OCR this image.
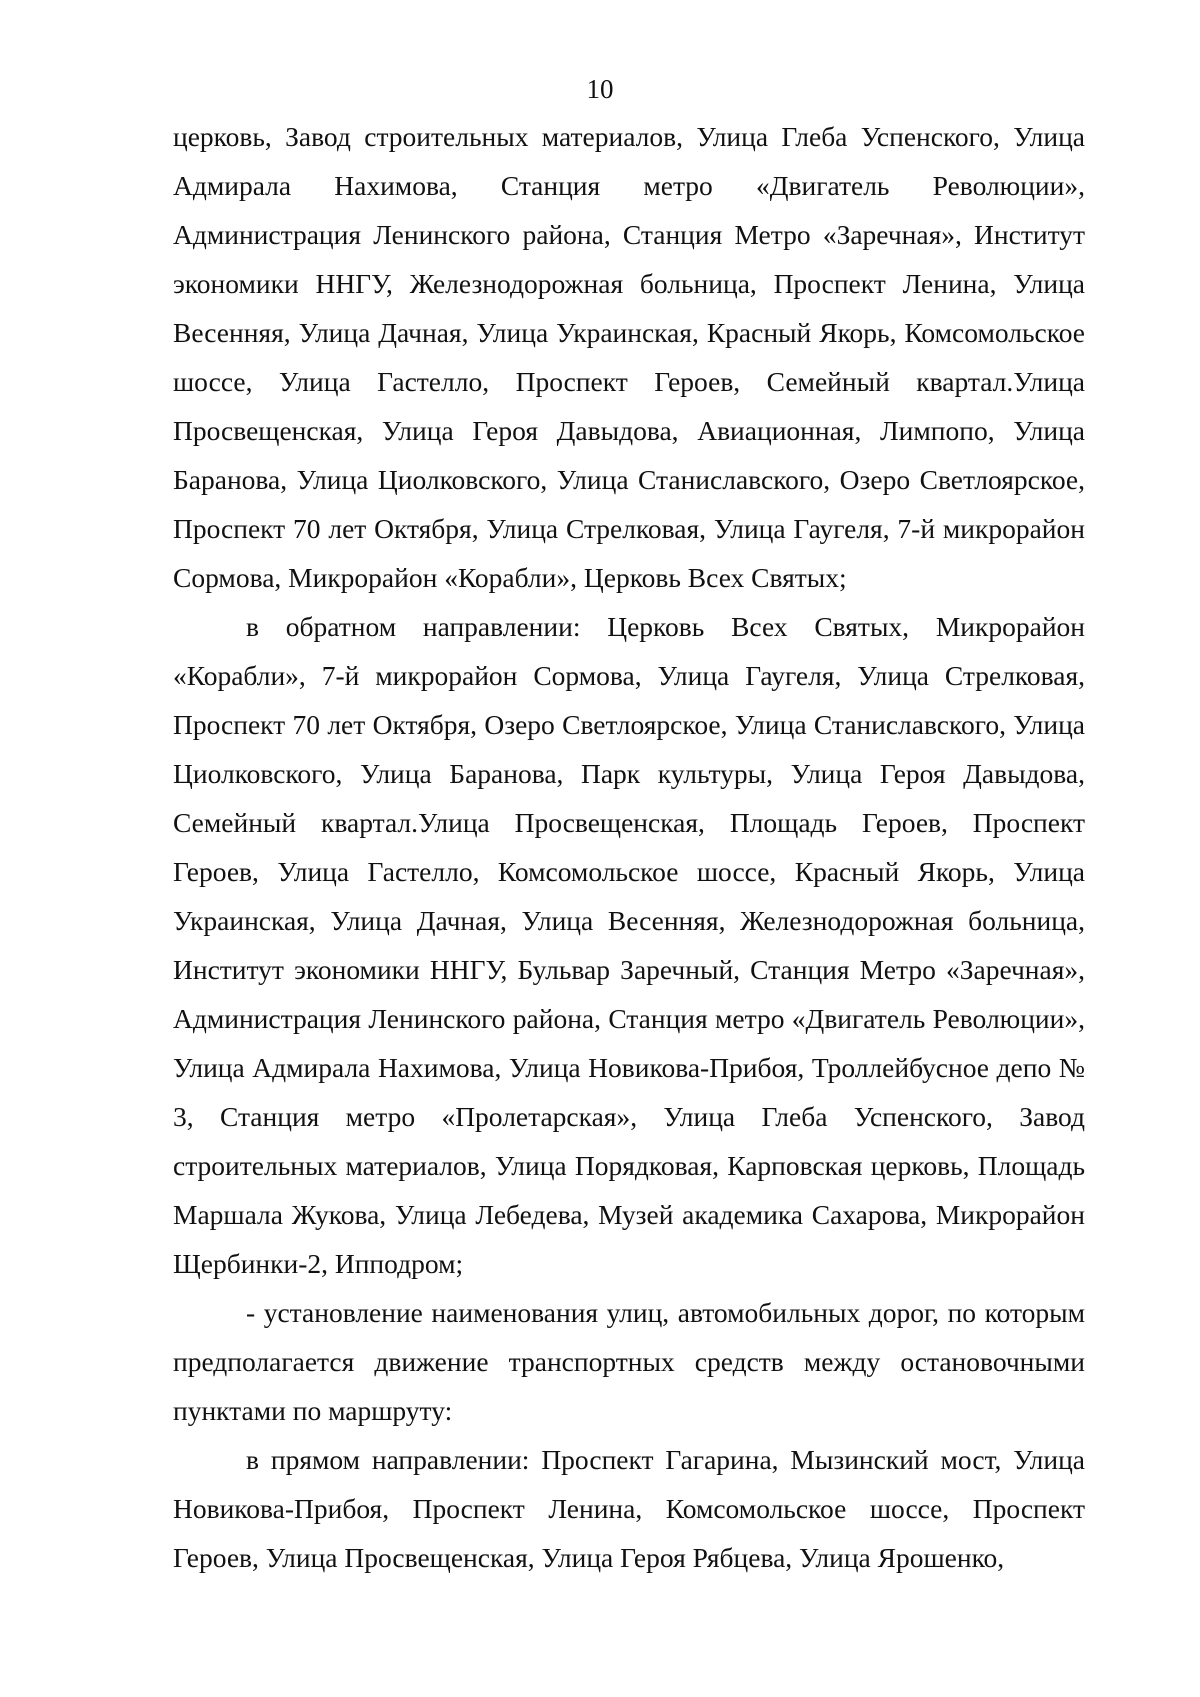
10

церковь, Завод строительных материалов, Улица Глеба Успенского, Улица Адмирала Нахимова, Станция метро «Двигатель Революции», Администрация Ленинского района, Станция Метро «Заречная», Институт экономики ННГУ, Железнодорожная больница, Проспект Ленина, Улица Весенняя, Улица Дачная, Улица Украинская, Красный Якорь, Комсомольское шоссе, Улица Гастелло, Проспект Героев, Семейный квартал.Улица Просвещенская, Улица Героя Давыдова, Авиационная, Лимпопо, Улица Баранова, Улица Циолковского, Улица Станиславского, Озеро Светлоярское, Проспект 70 лет Октября, Улица Стрелковая, Улица Гаугеля, 7-й микрорайон Сормова, Микрорайон «Корабли», Церковь Всех Святых;

в обратном направлении: Церковь Всех Святых, Микрорайон «Корабли», 7-й микрорайон Сормова, Улица Гаугеля, Улица Стрелковая, Проспект 70 лет Октября, Озеро Светлоярское, Улица Станиславского, Улица Циолковского, Улица Баранова, Парк культуры, Улица Героя Давыдова, Семейный квартал.Улица Просвещенская, Площадь Героев, Проспект Героев, Улица Гастелло, Комсомольское шоссе, Красный Якорь, Улица Украинская, Улица Дачная, Улица Весенняя, Железнодорожная больница, Институт экономики ННГУ, Бульвар Заречный, Станция Метро «Заречная», Администрация Ленинского района, Станция метро «Двигатель Революции», Улица Адмирала Нахимова, Улица Новикова-Прибоя, Троллейбусное депо № 3, Станция метро «Пролетарская», Улица Глеба Успенского, Завод строительных материалов, Улица Порядковая, Карповская церковь, Площадь Маршала Жукова, Улица Лебедева, Музей академика Сахарова, Микрорайон Щербинки-2, Ипподром;

- установление наименования улиц, автомобильных дорог, по которым предполагается движение транспортных средств между остановочными пунктами по маршруту:

в прямом направлении: Проспект Гагарина, Мызинский мост, Улица Новикова-Прибоя, Проспект Ленина, Комсомольское шоссе, Проспект Героев, Улица Просвещенская, Улица Героя Рябцева, Улица Ярошенко,
